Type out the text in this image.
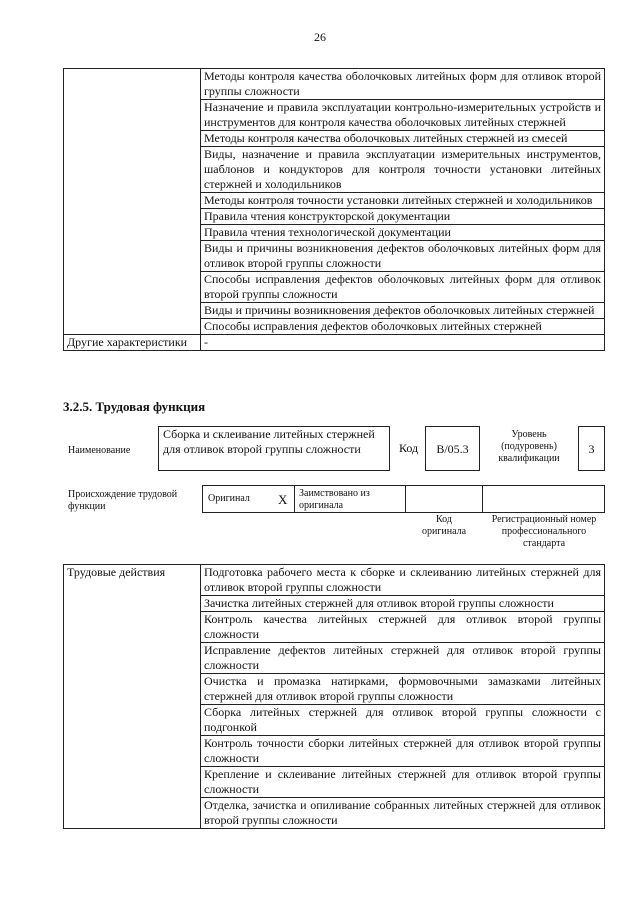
26
	Методы контроля качества оболочковых литейных форм для отливок второй группы сложности
	Назначение и правила эксплуатации контрольно-измерительных устройств и инструментов для контроля качества оболочковых литейных стержней
	Методы контроля качества оболочковых литейных стержней из смесей
	Виды, назначение и правила эксплуатации измерительных инструментов, шаблонов и кондукторов для контроля точности установки литейных стержней и холодильников
	Методы контроля точности установки литейных стержней и холодильников
	Правила чтения конструкторской документации
	Правила чтения технологической документации
	Виды и причины возникновения дефектов оболочковых литейных форм для отливок второй группы сложности
	Способы исправления дефектов оболочковых литейных форм для отливок второй группы сложности
	Виды и причины возникновения дефектов оболочковых литейных стержней
	Способы исправления дефектов оболочковых литейных стержней
Другие характеристики	-
3.2.5. Трудовая функция
Наименование
Сборка и склеивание литейных стержней для отливок второй группы сложности	Код	B/05.3
Уровень (подуровень) квалификации
3
Происхождение трудовой функции
Оригинал X Заимствовано из оригинала
Код оригинала
Регистрационный номер профессионального стандарта
Трудовые действия	Подготовка рабочего места к сборке и склеиванию литейных стержней для отливок второй группы сложности
Зачистка литейных стержней для отливок второй группы сложности
Контроль качества литейных стержней для отливок второй группы сложности
Исправление дефектов литейных стержней для отливок второй группы сложности
Очистка и промазка натирками, формовочными замазками литейных стержней для отливок второй группы сложности
Сборка литейных стержней для отливок второй группы сложности с подгонкой
Контроль точности сборки литейных стержней для отливок второй группы сложности
Крепление и склеивание литейных стержней для отливок второй группы сложности
Отделка, зачистка и опиливание собранных литейных стержней для отливок второй группы сложности
